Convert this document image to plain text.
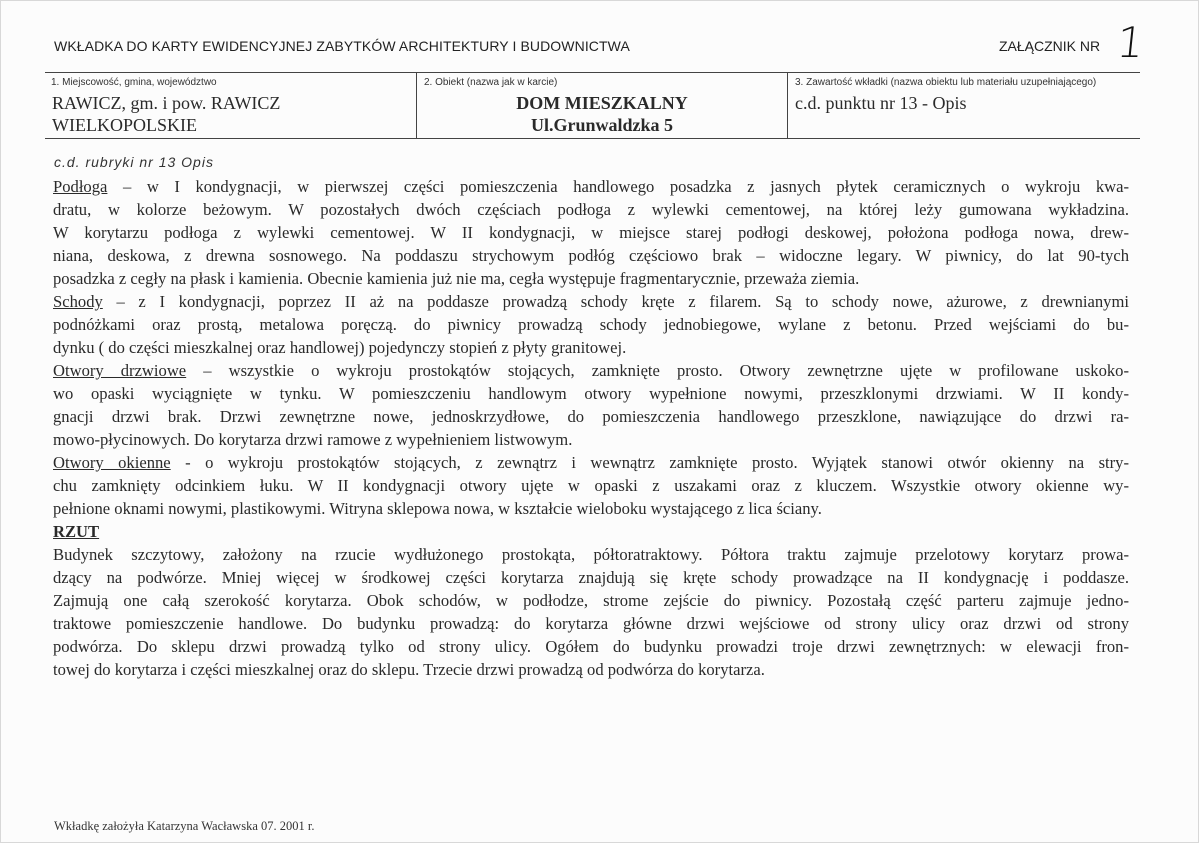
WKŁADKA DO KARTY EWIDENCYJNEJ ZABYTKÓW ARCHITEKTURY I BUDOWNICTWA	ZAŁĄCZNIK NR 1
1. Miejscowość, gmina, województwo
RAWICZ, gm. i pow. RAWICZ
WIELKOPOLSKIE
2. Obiekt (nazwa jak w karcie)
DOM MIESZKALNY
Ul.Grunwaldzka 5
3. Zawartość wkładki (nazwa obiektu lub materiału uzupełniającego)
c.d. punktu nr 13 - Opis
c.d. rubryki nr 13 Opis
Podłoga – w I kondygnacji, w pierwszej części pomieszczenia handlowego posadzka z jasnych płytek ceramicznych o wykroju kwa-
dratu, w kolorze beżowym. W pozostałych dwóch częściach podłoga z wylewki cementowej, na której leży gumowana wykładzina.
W korytarzu podłoga z wylewki cementowej. W II kondygnacji, w miejsce starej podłogi deskowej, położona podłoga nowa, drew-
niana, deskowa, z drewna sosnowego. Na poddaszu strychowym podłóg częściowo brak – widoczne legary. W piwnicy, do lat 90-tych
posadzka z cegły na płask i kamienia. Obecnie kamienia już nie ma, cegła występuje fragmentarycznie, przeważa ziemia.
Schody – z I kondygnacji, poprzez II aż na poddasze prowadzą schody kręte z filarem. Są to schody nowe, ażurowe, z drewnianymi
podnóżkami oraz prostą, metalowa poręczą. do piwnicy prowadzą schody jednobiegowe, wylane z betonu. Przed wejściami do bu-
dynku ( do części mieszkalnej oraz handlowej) pojedynczy stopień z płyty granitowej.
Otwory drzwiowe – wszystkie o wykroju prostokątów stojących, zamknięte prosto. Otwory zewnętrzne ujęte w profilowane uskoko-
wo opaski wyciągnięte w tynku. W pomieszczeniu handlowym otwory wypełnione nowymi, przeszklonymi drzwiami. W II kondy-
gnacji drzwi brak. Drzwi zewnętrzne nowe, jednoskrzydłowe, do pomieszczenia handlowego przeszklone, nawiązujące do drzwi ra-
mowo-płycinowych. Do korytarza drzwi ramowe z wypełnieniem listwowym.
Otwory okienne - o wykroju prostokątów stojących, z zewnątrz i wewnątrz zamknięte prosto. Wyjątek stanowi otwór okienny na stry-
chu zamknięty odcinkiem łuku. W II kondygnacji otwory ujęte w opaski z uszakami oraz z kluczem. Wszystkie otwory okienne wy-
pełnione oknami nowymi, plastikowymi. Witryna sklepowa nowa, w kształcie wieloboku wystającego z lica ściany.
RZUT
Budynek szczytowy, założony na rzucie wydłużonego prostokąta, półtoratraktowy. Półtora traktu zajmuje przelotowy korytarz prowa-
dzący na podwórze. Mniej więcej w środkowej części korytarza znajdują się kręte schody prowadzące na II kondygnację i poddasze.
Zajmują one całą szerokość korytarza. Obok schodów, w podłodze, strome zejście do piwnicy. Pozostałą część parteru zajmuje jedno-
traktowe pomieszczenie handlowe. Do budynku prowadzą: do korytarza główne drzwi wejściowe od strony ulicy oraz drzwi od strony
podwórza. Do sklepu drzwi prowadzą tylko od strony ulicy. Ogółem do budynku prowadzi troje drzwi zewnętrznych: w elewacji fron-
towej do korytarza i części mieszkalnej oraz do sklepu. Trzecie drzwi prowadzą od podwórza do korytarza.
Wkładkę założyła Katarzyna Wacławska 07. 2001 r.
